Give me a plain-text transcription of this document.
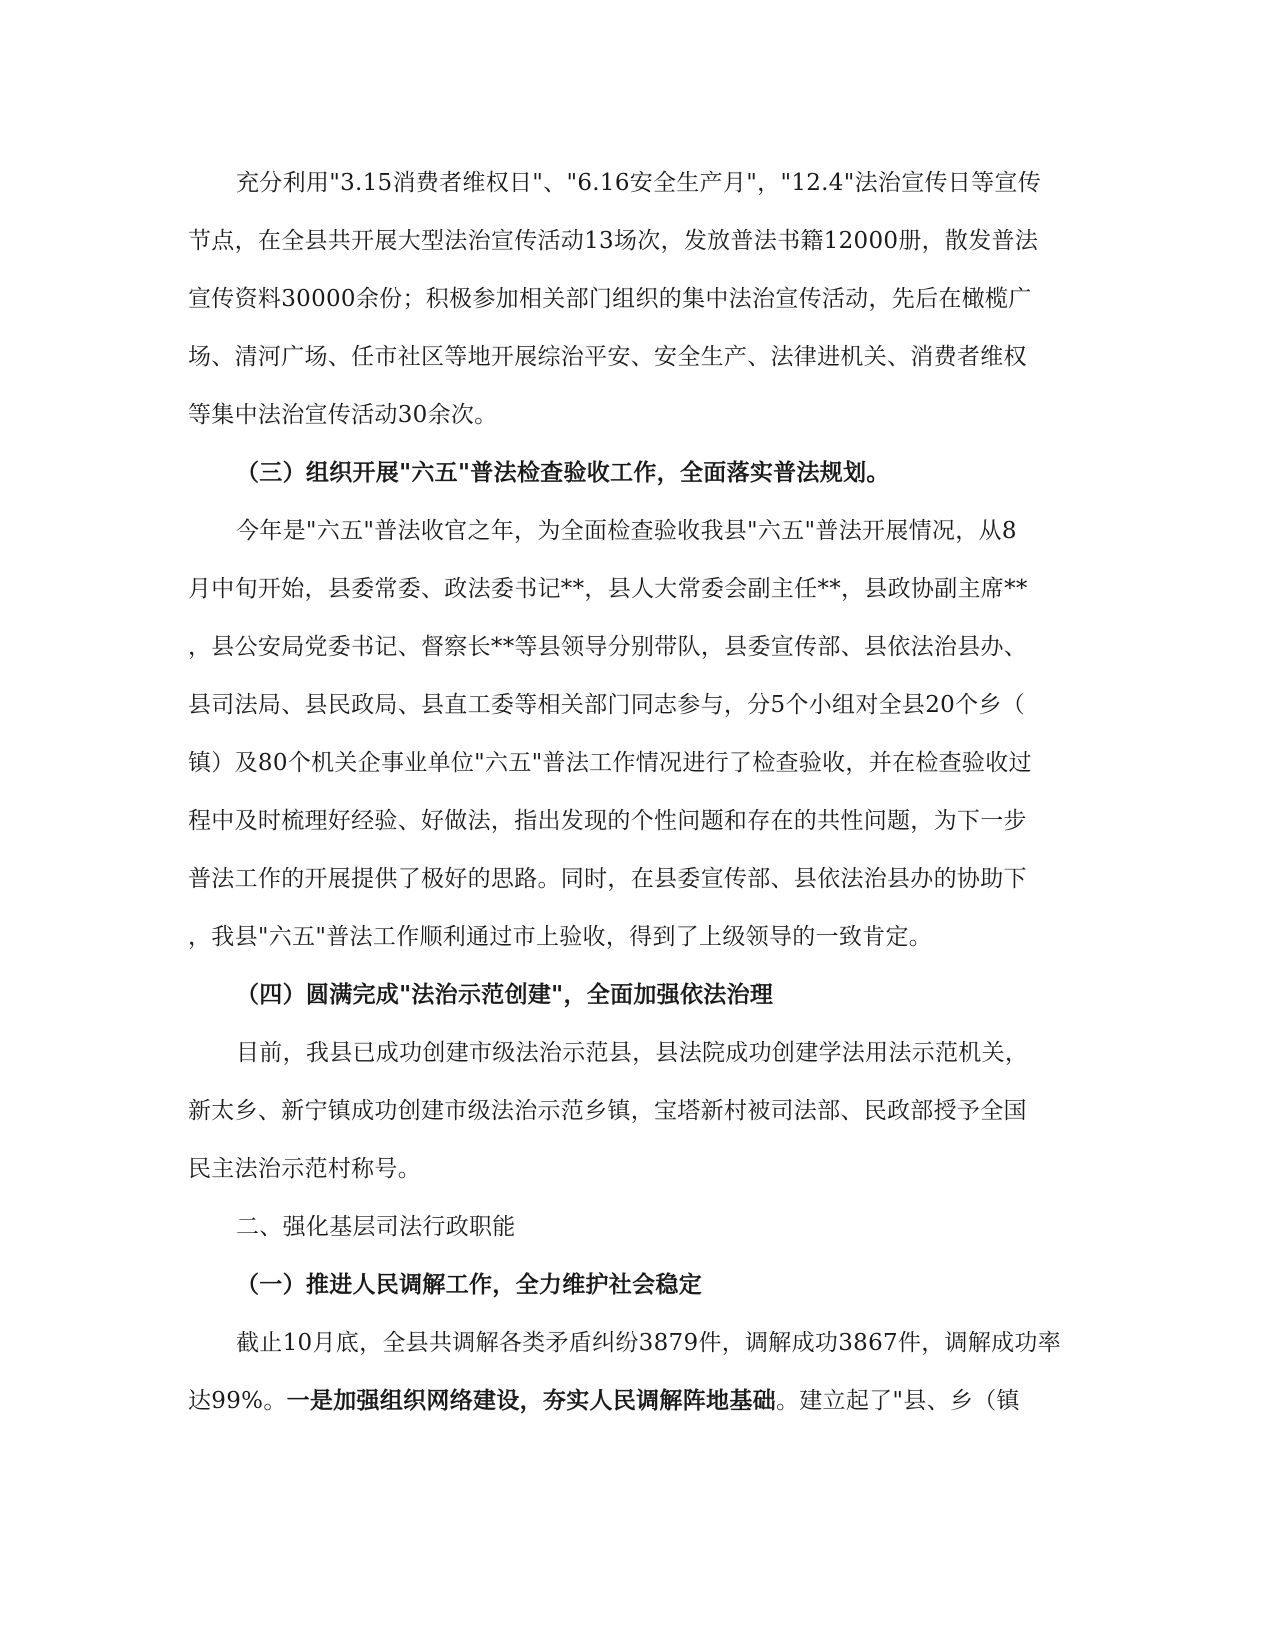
充分利用"3.15消费者维权日"、"6.16安全生产月"，"12.4"法治宣传日等宣传
节点，在全县共开展大型法治宣传活动13场次，发放普法书籍12000册，散发普法
宣传资料30000余份；积极参加相关部门组织的集中法治宣传活动，先后在橄榄广
场、清河广场、任市社区等地开展综治平安、安全生产、法律进机关、消费者维权
等集中法治宣传活动30余次。
（三）组织开展"六五"普法检查验收工作，全面落实普法规划。
今年是"六五"普法收官之年，为全面检查验收我县"六五"普法开展情况，从8
月中旬开始，县委常委、政法委书记**，县人大常委会副主任**，县政协副主席**
，县公安局党委书记、督察长**等县领导分别带队，县委宣传部、县依法治县办、
县司法局、县民政局、县直工委等相关部门同志参与，分5个小组对全县20个乡（
镇）及80个机关企事业单位"六五"普法工作情况进行了检查验收，并在检查验收过
程中及时梳理好经验、好做法，指出发现的个性问题和存在的共性问题，为下一步
普法工作的开展提供了极好的思路。同时，在县委宣传部、县依法治县办的协助下
，我县"六五"普法工作顺利通过市上验收，得到了上级领导的一致肯定。
（四）圆满完成"法治示范创建"，全面加强依法治理
目前，我县已成功创建市级法治示范县，县法院成功创建学法用法示范机关，
新太乡、新宁镇成功创建市级法治示范乡镇，宝塔新村被司法部、民政部授予全国
民主法治示范村称号。
二、强化基层司法行政职能
（一）推进人民调解工作，全力维护社会稳定
截止10月底，全县共调解各类矛盾纠纷3879件，调解成功3867件，调解成功率
达99%。一是加强组织网络建设，夯实人民调解阵地基础。建立起了"县、乡（镇
